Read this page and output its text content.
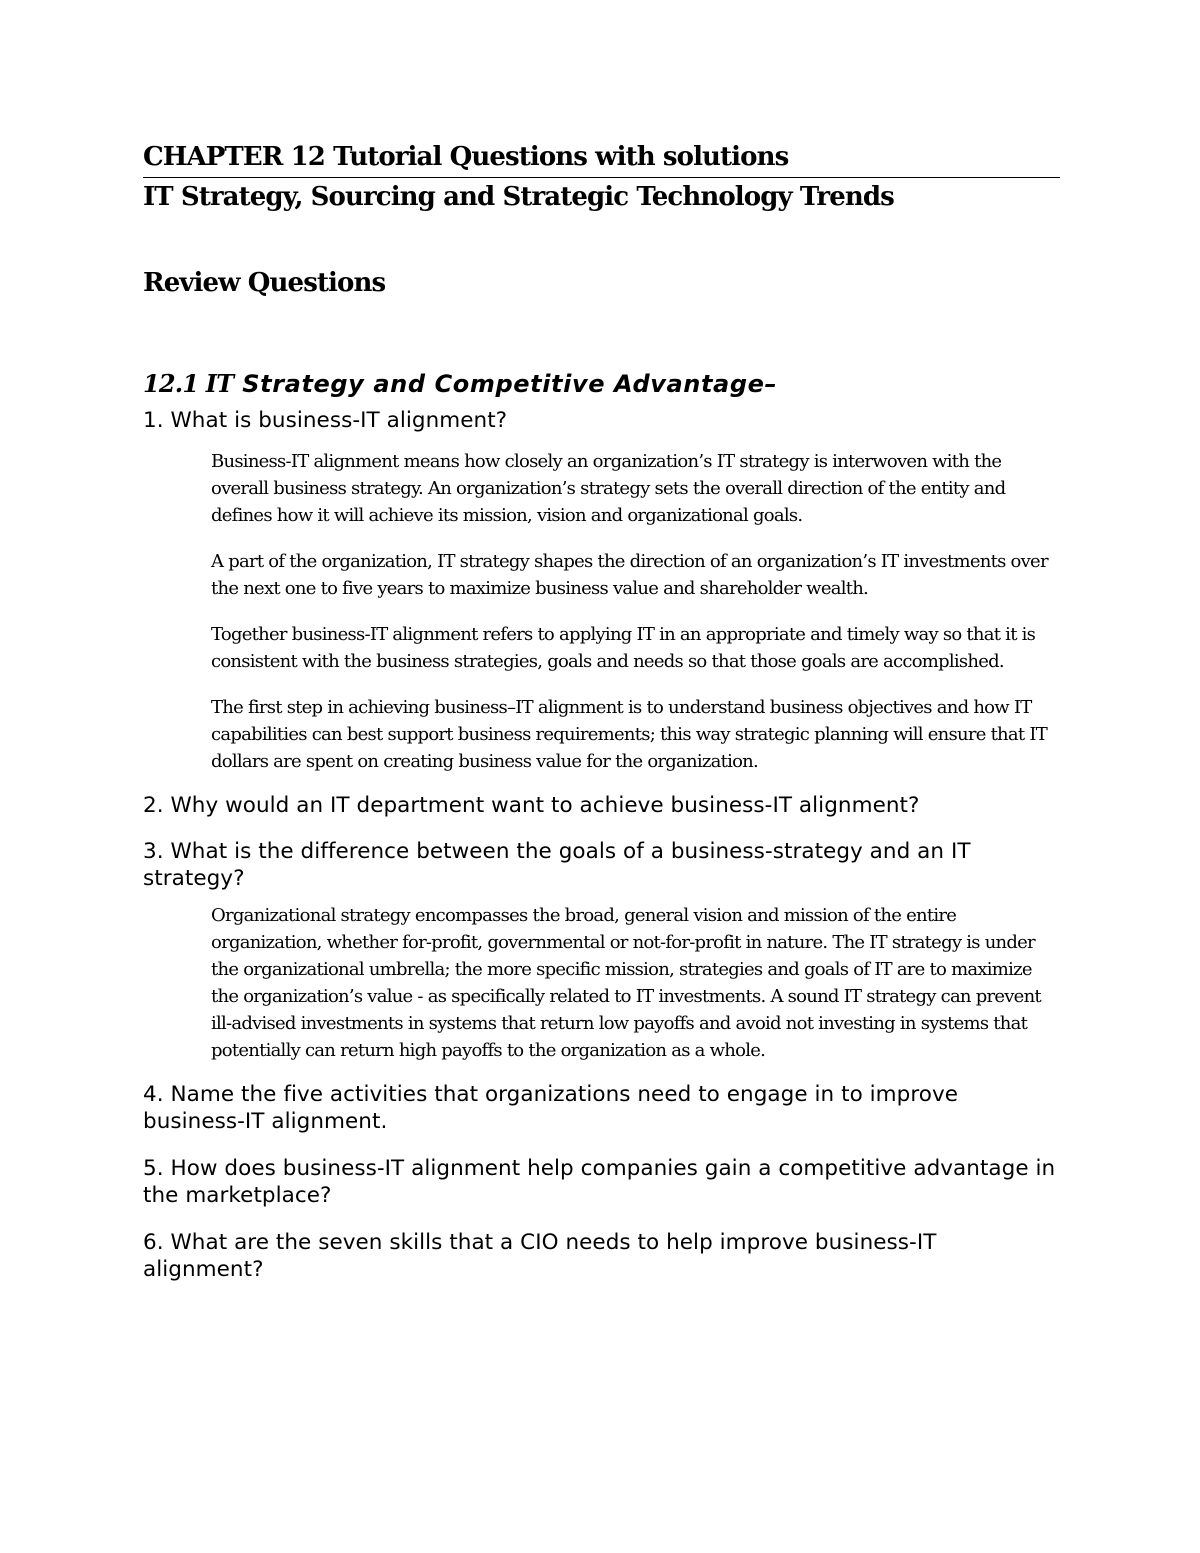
CHAPTER 12 Tutorial Questions with solutions
IT Strategy, Sourcing and Strategic Technology Trends
Review Questions
12.1 IT Strategy and Competitive Advantage–

1. What is business-IT alignment?

Business-IT alignment means how closely an organization’s IT strategy is interwoven with the overall business strategy. An organization’s strategy sets the overall direction of the entity and defines how it will achieve its mission, vision and organizational goals.

A part of the organization, IT strategy shapes the direction of an organization’s IT investments over the next one to five years to maximize business value and shareholder wealth.

Together business-IT alignment refers to applying IT in an appropriate and timely way so that it is consistent with the business strategies, goals and needs so that those goals are accomplished.

The first step in achieving business–IT alignment is to understand business objectives and how IT capabilities can best support business requirements; this way strategic planning will ensure that IT dollars are spent on creating business value for the organization.

2. Why would an IT department want to achieve business-IT alignment?

3. What is the difference between the goals of a business-strategy and an IT strategy?

Organizational strategy encompasses the broad, general vision and mission of the entire organization, whether for-profit, governmental or not-for-profit in nature. The IT strategy is under the organizational umbrella; the more specific mission, strategies and goals of IT are to maximize the organization’s value - as specifically related to IT investments. A sound IT strategy can prevent ill-advised investments in systems that return low payoffs and avoid not investing in systems that potentially can return high payoffs to the organization as a whole.

4. Name the five activities that organizations need to engage in to improve business-IT alignment.

5. How does business-IT alignment help companies gain a competitive advantage in the marketplace?

6. What are the seven skills that a CIO needs to help improve business-IT alignment?
